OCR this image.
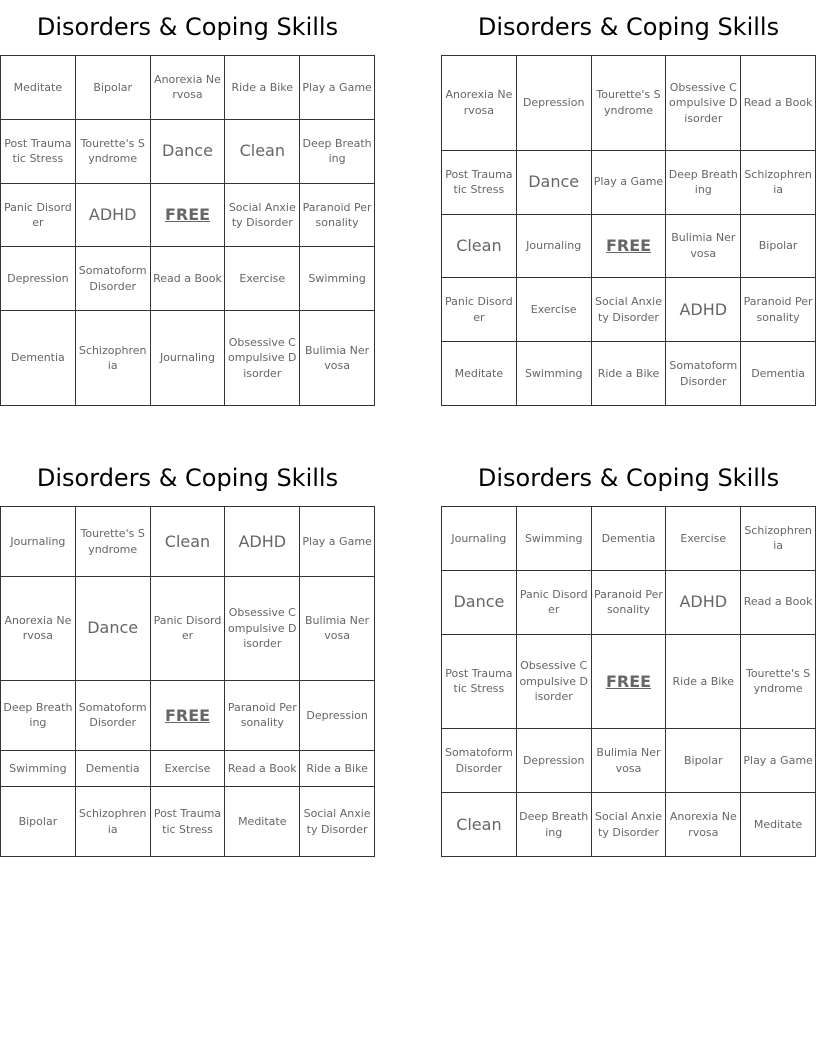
Disorders & Coping Skills
Meditate	Bipolar	Anorexia Nervosa	Ride a Bike	Play a Game
Post Traumatic Stress	Tourette's Syndrome	Dance	Clean	Deep Breathing
Panic Disorder	ADHD	FREE	Social Anxiety Disorder	Paranoid Personality
Depression	Somatoform Disorder	Read a Book	Exercise	Swimming
Dementia	Schizophrenia	Journaling	Obsessive Compulsive Disorder	Bulimia Nervosa
Disorders & Coping Skills
Anorexia Nervosa	Depression	Tourette's Syndrome	Obsessive Compulsive Disorder	Read a Book
Post Traumatic Stress	Dance	Play a Game	Deep Breathing	Schizophrenia
Clean	Journaling	FREE	Bulimia Nervosa	Bipolar
Panic Disorder	Exercise	Social Anxiety Disorder	ADHD	Paranoid Personality
Meditate	Swimming	Ride a Bike	Somatoform Disorder	Dementia
Disorders & Coping Skills
Journaling	Tourette's Syndrome	Clean	ADHD	Play a Game
Anorexia Nervosa	Dance	Panic Disorder	Obsessive Compulsive Disorder	Bulimia Nervosa
Deep Breathing	Somatoform Disorder	FREE	Paranoid Personality	Depression
Swimming	Dementia	Exercise	Read a Book	Ride a Bike
Bipolar	Schizophrenia	Post Traumatic Stress	Meditate	Social Anxiety Disorder
Disorders & Coping Skills
Journaling	Swimming	Dementia	Exercise	Schizophrenia
Dance	Panic Disorder	Paranoid Personality	ADHD	Read a Book
Post Traumatic Stress	Obsessive Compulsive Disorder	FREE	Ride a Bike	Tourette's Syndrome
Somatoform Disorder	Depression	Bulimia Nervosa	Bipolar	Play a Game
Clean	Deep Breathing	Social Anxiety Disorder	Anorexia Nervosa	Meditate
